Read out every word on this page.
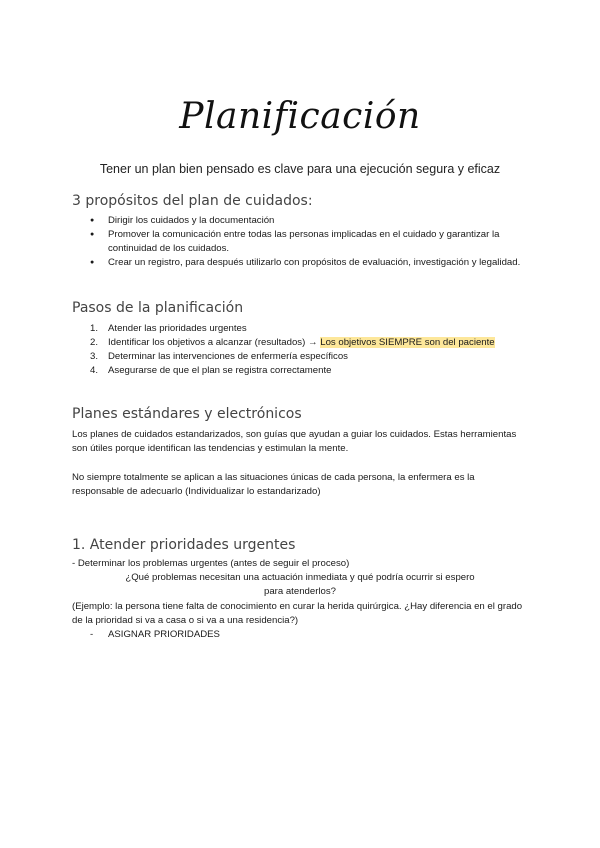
Planificación
Tener un plan bien pensado es clave para una ejecución segura y eficaz
3 propósitos del plan de cuidados:
● Dirigir los cuidados y la documentación
● Promover la comunicación entre todas las personas implicadas en el cuidado y garantizar la continuidad de los cuidados.
● Crear un registro, para después utilizarlo con propósitos de evaluación, investigación y legalidad.
Pasos de la planificación
1. Atender las prioridades urgentes
2. Identificar los objetivos a alcanzar (resultados) → Los objetivos SIEMPRE son del paciente
3. Determinar las intervenciones de enfermería específicos
4. Asegurarse de que el plan se registra correctamente
Planes estándares y electrónicos
Los planes de cuidados estandarizados, son guías que ayudan a guiar los cuidados. Estas herramientas son útiles porque identifican las tendencias y estimulan la mente.
No siempre totalmente se aplican a las situaciones únicas de cada persona, la enfermera es la responsable de adecuarlo (Individualizar lo estandarizado)
1. Atender prioridades urgentes
- Determinar los problemas urgentes (antes de seguir el proceso)
¿Qué problemas necesitan una actuación inmediata y qué podría ocurrir si espero para atenderlos?
(Ejemplo: la persona tiene falta de conocimiento en curar la herida quirúrgica. ¿Hay diferencia en el grado de la prioridad si va a casa o si va a una residencia?)
- ASIGNAR PRIORIDADES
